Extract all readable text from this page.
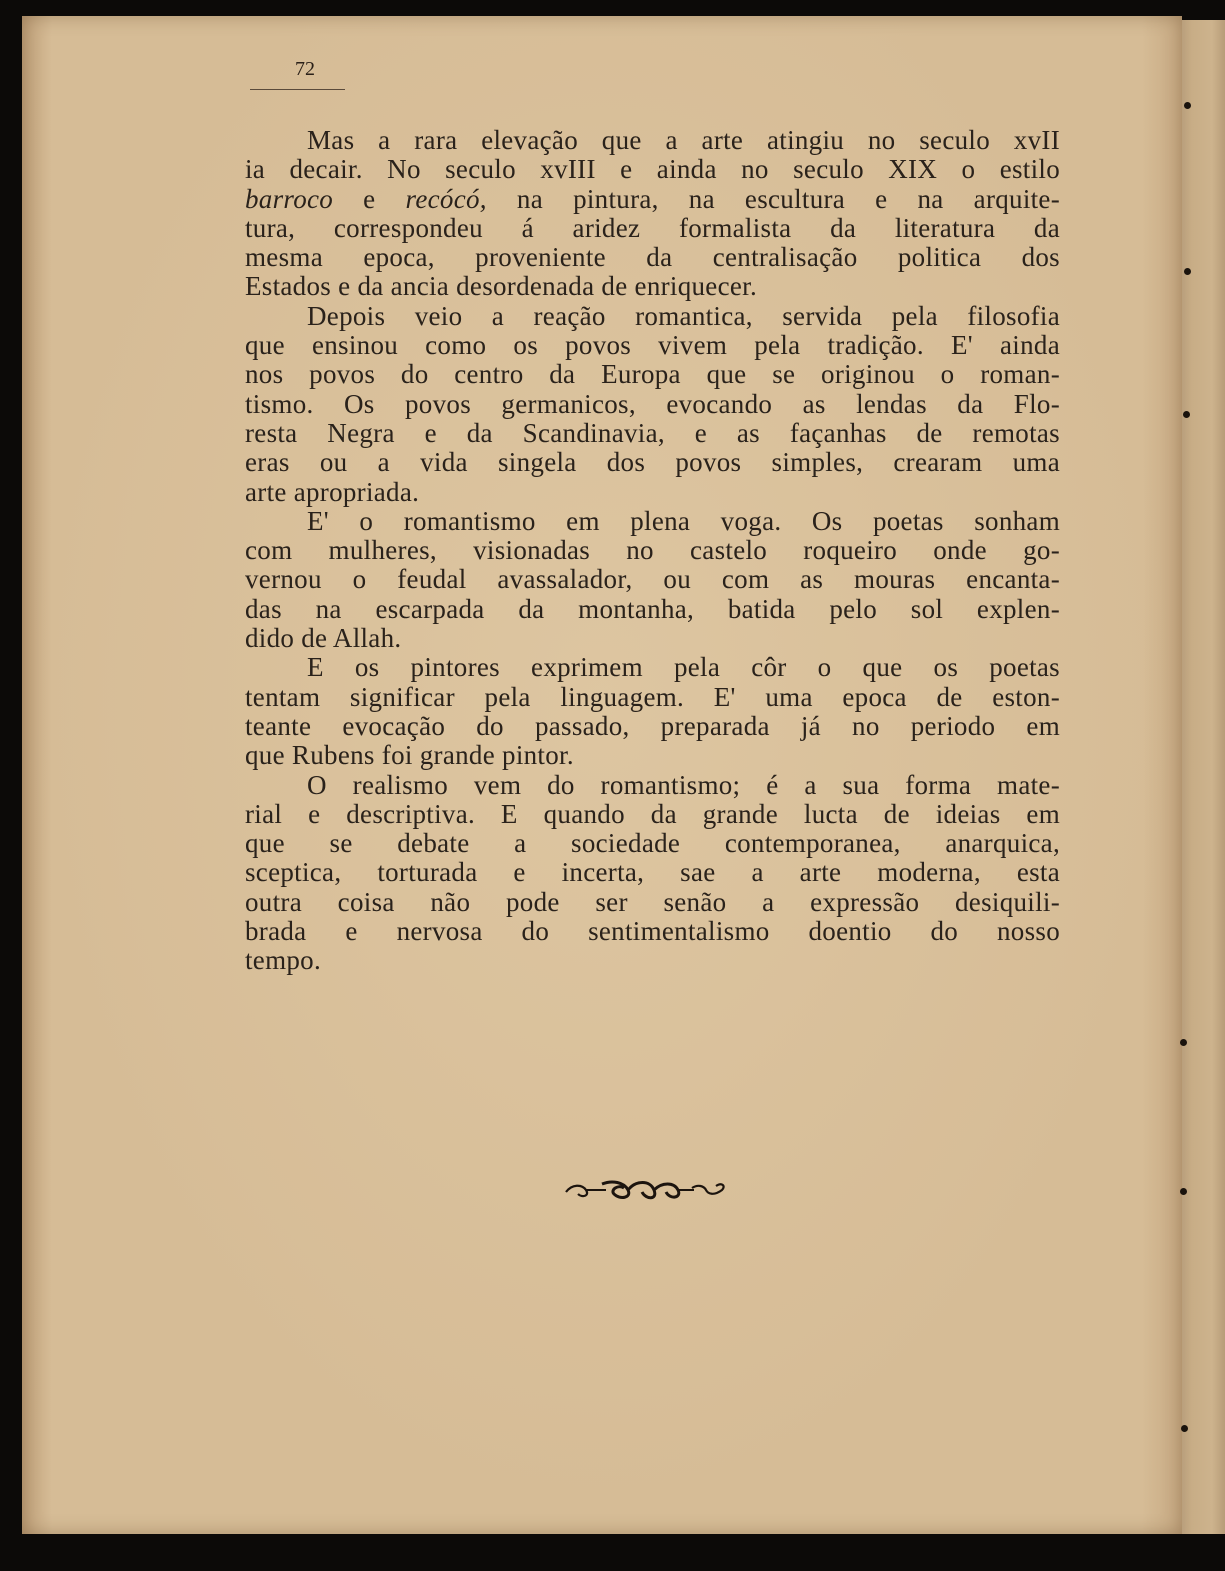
72
Mas a rara elevação que a arte atingiu no seculo xvII
ia decair. No seculo xvIII e ainda no seculo XIX o estilo
barroco e recócó, na pintura, na escultura e na arquite-
tura, correspondeu á aridez formalista da literatura da
mesma epoca, proveniente da centralisação politica dos
Estados e da ancia desordenada de enriquecer.
Depois veio a reação romantica, servida pela filosofia
que ensinou como os povos vivem pela tradição. E' ainda
nos povos do centro da Europa que se originou o roman-
tismo. Os povos germanicos, evocando as lendas da Flo-
resta Negra e da Scandinavia, e as façanhas de remotas
eras ou a vida singela dos povos simples, crearam uma
arte apropriada.
E' o romantismo em plena voga. Os poetas sonham
com mulheres, visionadas no castelo roqueiro onde go-
vernou o feudal avassalador, ou com as mouras encanta-
das na escarpada da montanha, batida pelo sol explen-
dido de Allah.
E os pintores exprimem pela côr o que os poetas
tentam significar pela linguagem. E' uma epoca de eston-
teante evocação do passado, preparada já no periodo em
que Rubens foi grande pintor.
O realismo vem do romantismo; é a sua forma mate-
rial e descriptiva. E quando da grande lucta de ideias em
que se debate a sociedade contemporanea, anarquica,
sceptica, torturada e incerta, sae a arte moderna, esta
outra coisa não pode ser senão a expressão desiquili-
brada e nervosa do sentimentalismo doentio do nosso
tempo.
